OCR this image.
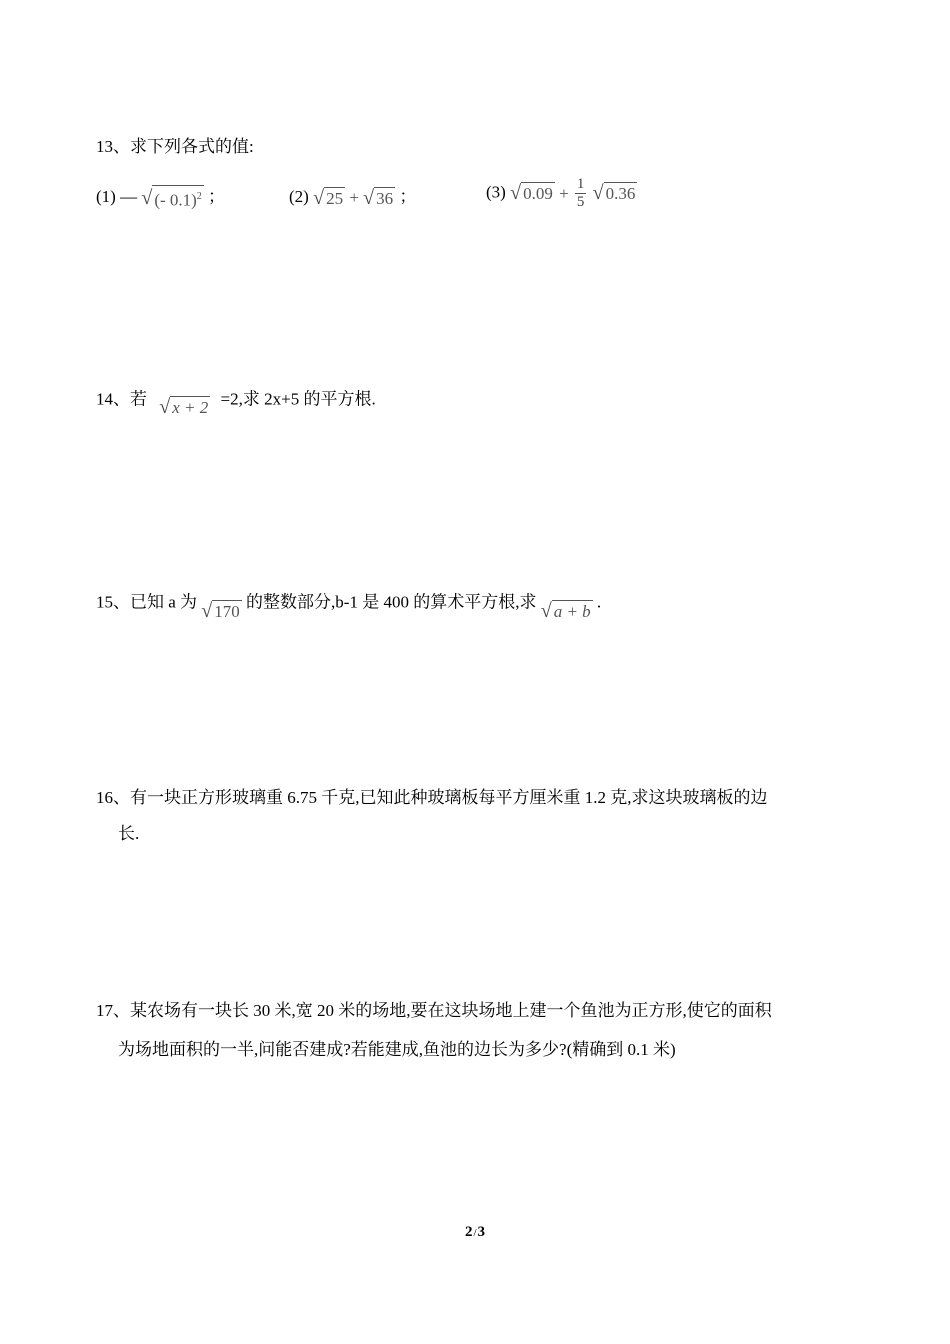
13、求下列各式的值:
(1) — √ (- 0.1)$^2$ ；	(2) √ 25 + √ 36 ；	(3) √ $0.09 + \frac{1}{5}$ √ 0.36
14、若 √ x + 2 =2,求 2x+5 的平方根.
15、已知 a 为 √ 170 的整数部分,b-1 是 400 的算术平方根,求 √ a + b .
16、有一块正方形玻璃重 6.75 千克,已知此种玻璃板每平方厘米重 1.2 克,求这块玻璃板的边
长.
17、某农场有一块长 30 米,宽 20 米的场地,要在这块场地上建一个鱼池为正方形,使它的面积
为场地面积的一半,问能否建成?若能建成,鱼池的边长为多少?(精确到 0.1 米)
2/3
